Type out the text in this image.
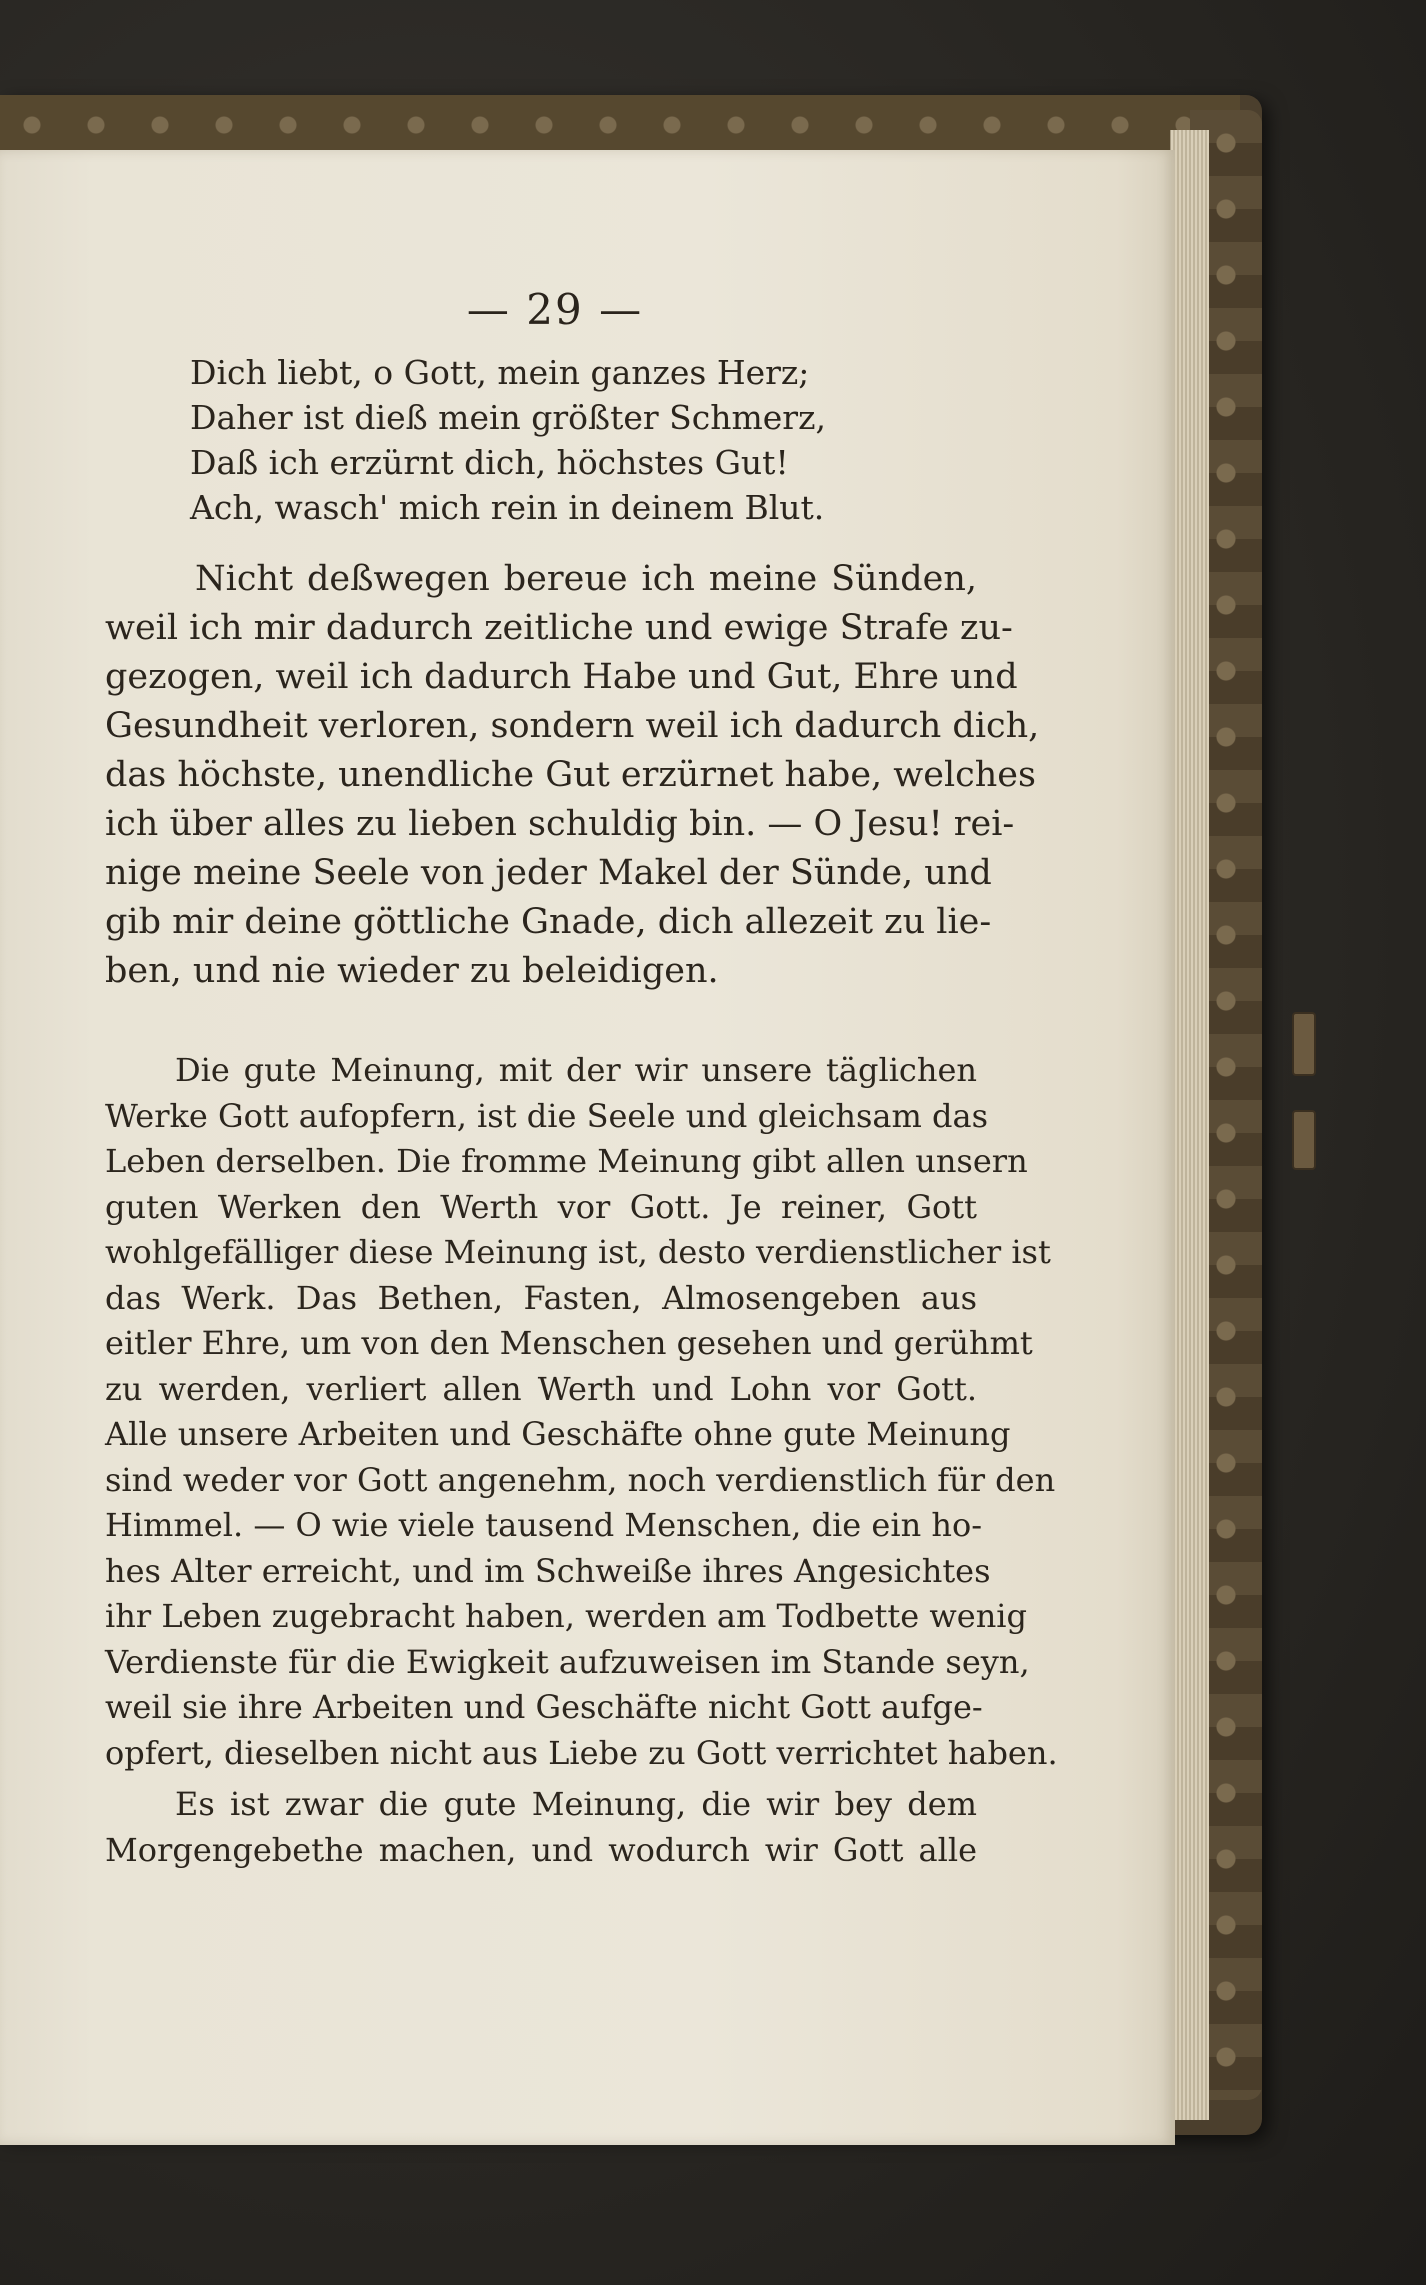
— 29 —
Dich liebt, o Gott, mein ganzes Herz;
Daher ist dieß mein größter Schmerz,
Daß ich erzürnt dich, höchstes Gut!
Ach, wasch' mich rein in deinem Blut.
Nicht deßwegen bereue ich meine Sünden,
weil ich mir dadurch zeitliche und ewige Strafe zu-
gezogen, weil ich dadurch Habe und Gut, Ehre und
Gesundheit verloren, sondern weil ich dadurch dich,
das höchste, unendliche Gut erzürnet habe, welches
ich über alles zu lieben schuldig bin. — O Jesu! rei-
nige meine Seele von jeder Makel der Sünde, und
gib mir deine göttliche Gnade, dich allezeit zu lie-
ben, und nie wieder zu beleidigen.
Die gute Meinung, mit der wir unsere täglichen
Werke Gott aufopfern, ist die Seele und gleichsam das
Leben derselben. Die fromme Meinung gibt allen unsern
guten Werken den Werth vor Gott. Je reiner, Gott
wohlgefälliger diese Meinung ist, desto verdienstlicher ist
das Werk. Das Bethen, Fasten, Almosengeben aus
eitler Ehre, um von den Menschen gesehen und gerühmt
zu werden, verliert allen Werth und Lohn vor Gott.
Alle unsere Arbeiten und Geschäfte ohne gute Meinung
sind weder vor Gott angenehm, noch verdienstlich für den
Himmel. — O wie viele tausend Menschen, die ein ho-
hes Alter erreicht, und im Schweiße ihres Angesichtes
ihr Leben zugebracht haben, werden am Todbette wenig
Verdienste für die Ewigkeit aufzuweisen im Stande seyn,
weil sie ihre Arbeiten und Geschäfte nicht Gott aufge-
opfert, dieselben nicht aus Liebe zu Gott verrichtet haben.
Es ist zwar die gute Meinung, die wir bey dem
Morgengebethe machen, und wodurch wir Gott alle
